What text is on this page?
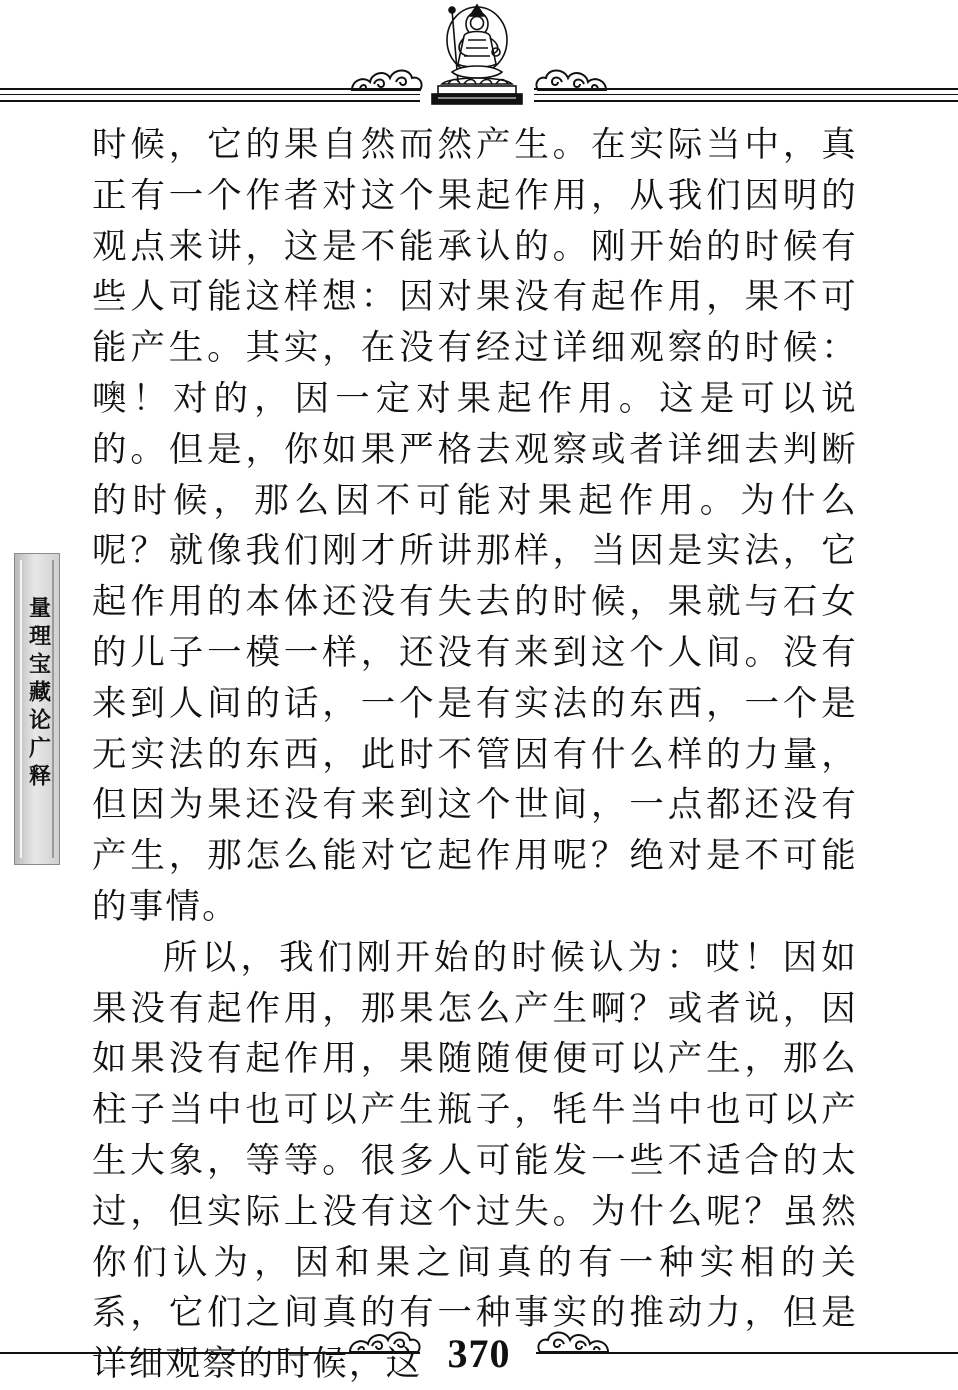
量理宝藏论广释

时候，它的果自然而然产生。在实际当中，真正有一个作者对这个果起作用，从我们因明的观点来讲，这是不能承认的。刚开始的时候有些人可能这样想：因对果没有起作用，果不可能产生。其实，在没有经过详细观察的时候：噢！对的，因一定对果起作用。这是可以说的。但是，你如果严格去观察或者详细去判断的时候，那么因不可能对果起作用。为什么呢？就像我们刚才所讲那样，当因是实法，它起作用的本体还没有失去的时候，果就与石女的儿子一模一样，还没有来到这个人间。没有来到人间的话，一个是有实法的东西，一个是无实法的东西，此时不管因有什么样的力量，但因为果还没有来到这个世间，一点都还没有产生，那怎么能对它起作用呢？绝对是不可能的事情。

所以，我们刚开始的时候认为：哎！因如果没有起作用，那果怎么产生啊？或者说，因如果没有起作用，果随随便便可以产生，那么柱子当中也可以产生瓶子，牦牛当中也可以产生大象，等等。很多人可能发一些不适合的太过，但实际上没有这个过失。为什么呢？虽然你们认为，因和果之间真的有一种实相的关系，它们之间真的有一种事实的推动力，但是详细观察的时候，这 370
